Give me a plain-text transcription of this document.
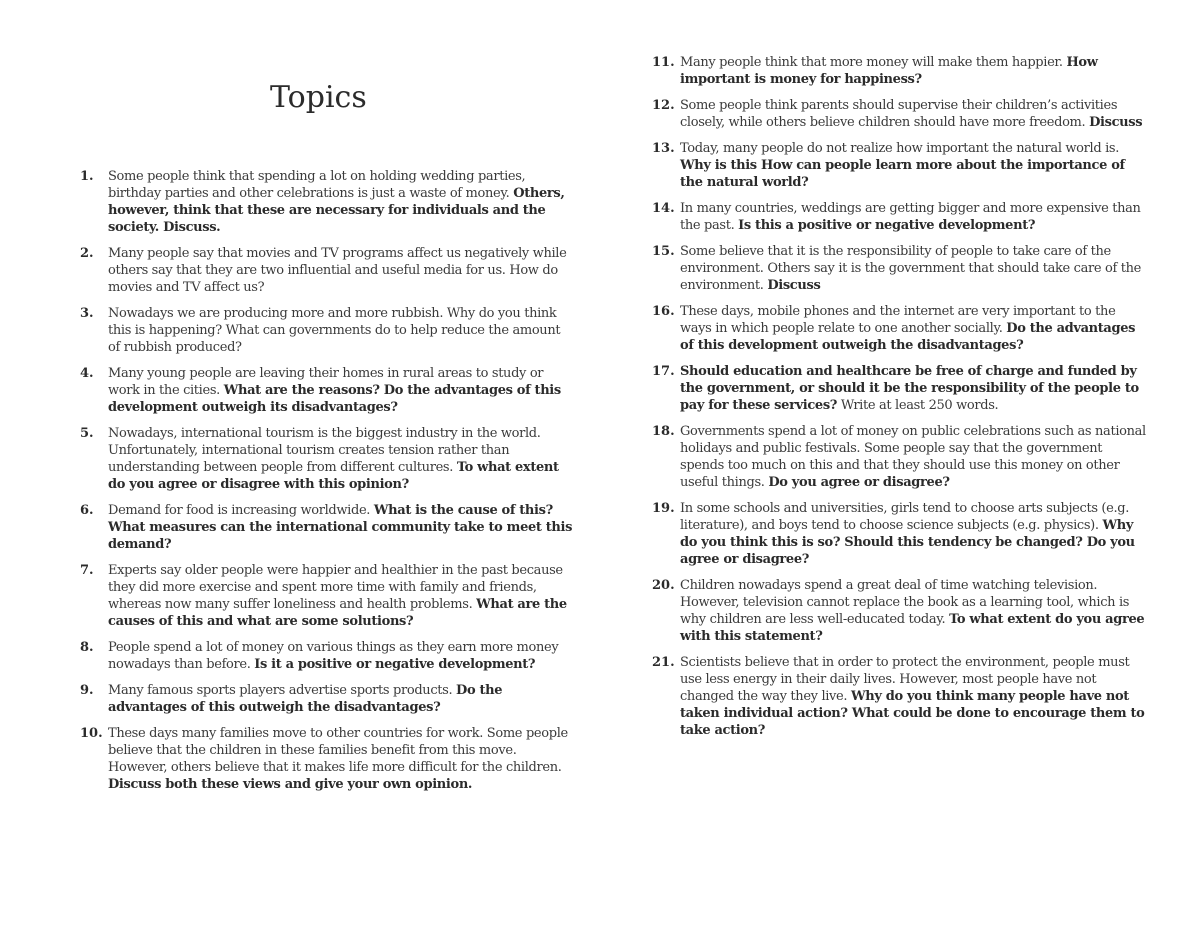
Topics
1.	Some people think that spending a lot on holding wedding parties, birthday parties and other celebrations is just a waste of money. Others, however, think that these are necessary for individuals and the society. Discuss.
2.	Many people say that movies and TV programs affect us negatively while others say that they are two influential and useful media for us. How do movies and TV affect us?
3.	Nowadays we are producing more and more rubbish. Why do you think this is happening? What can governments do to help reduce the amount of rubbish produced?
4.	Many young people are leaving their homes in rural areas to study or work in the cities. What are the reasons? Do the advantages of this development outweigh its disadvantages?
5.	Nowadays, international tourism is the biggest industry in the world. Unfortunately, international tourism creates tension rather than understanding between people from different cultures. To what extent do you agree or disagree with this opinion?
6.	Demand for food is increasing worldwide. What is the cause of this? What measures can the international community take to meet this demand?
7.	Experts say older people were happier and healthier in the past because they did more exercise and spent more time with family and friends, whereas now many suffer loneliness and health problems. What are the causes of this and what are some solutions?
8.	People spend a lot of money on various things as they earn more money nowadays than before. Is it a positive or negative development?
9.	Many famous sports players advertise sports products. Do the advantages of this outweigh the disadvantages?
10. These days many families move to other countries for work. Some people believe that the children in these families benefit from this move. However, others believe that it makes life more difficult for the children. Discuss both these views and give your own opinion.
11. Many people think that more money will make them happier. How important is money for happiness?
12. Some people think parents should supervise their children’s activities closely, while others believe children should have more freedom. Discuss
13. Today, many people do not realize how important the natural world is. Why is this How can people learn more about the importance of the natural world?
14. In many countries, weddings are getting bigger and more expensive than the past. Is this a positive or negative development?
15. Some believe that it is the responsibility of people to take care of the environment. Others say it is the government that should take care of the environment. Discuss
16. These days, mobile phones and the internet are very important to the ways in which people relate to one another socially. Do the advantages of this development outweigh the disadvantages?
17. Should education and healthcare be free of charge and funded by the government, or should it be the responsibility of the people to pay for these services? Write at least 250 words.
18. Governments spend a lot of money on public celebrations such as national holidays and public festivals. Some people say that the government spends too much on this and that they should use this money on other useful things. Do you agree or disagree?
19. In some schools and universities, girls tend to choose arts subjects (e.g. literature), and boys tend to choose science subjects (e.g. physics). Why do you think this is so? Should this tendency be changed? Do you agree or disagree?
20. Children nowadays spend a great deal of time watching television. However, television cannot replace the book as a learning tool, which is why children are less well-educated today. To what extent do you agree with this statement?
21. Scientists believe that in order to protect the environment, people must use less energy in their daily lives. However, most people have not changed the way they live. Why do you think many people have not taken individual action? What could be done to encourage them to take action?
